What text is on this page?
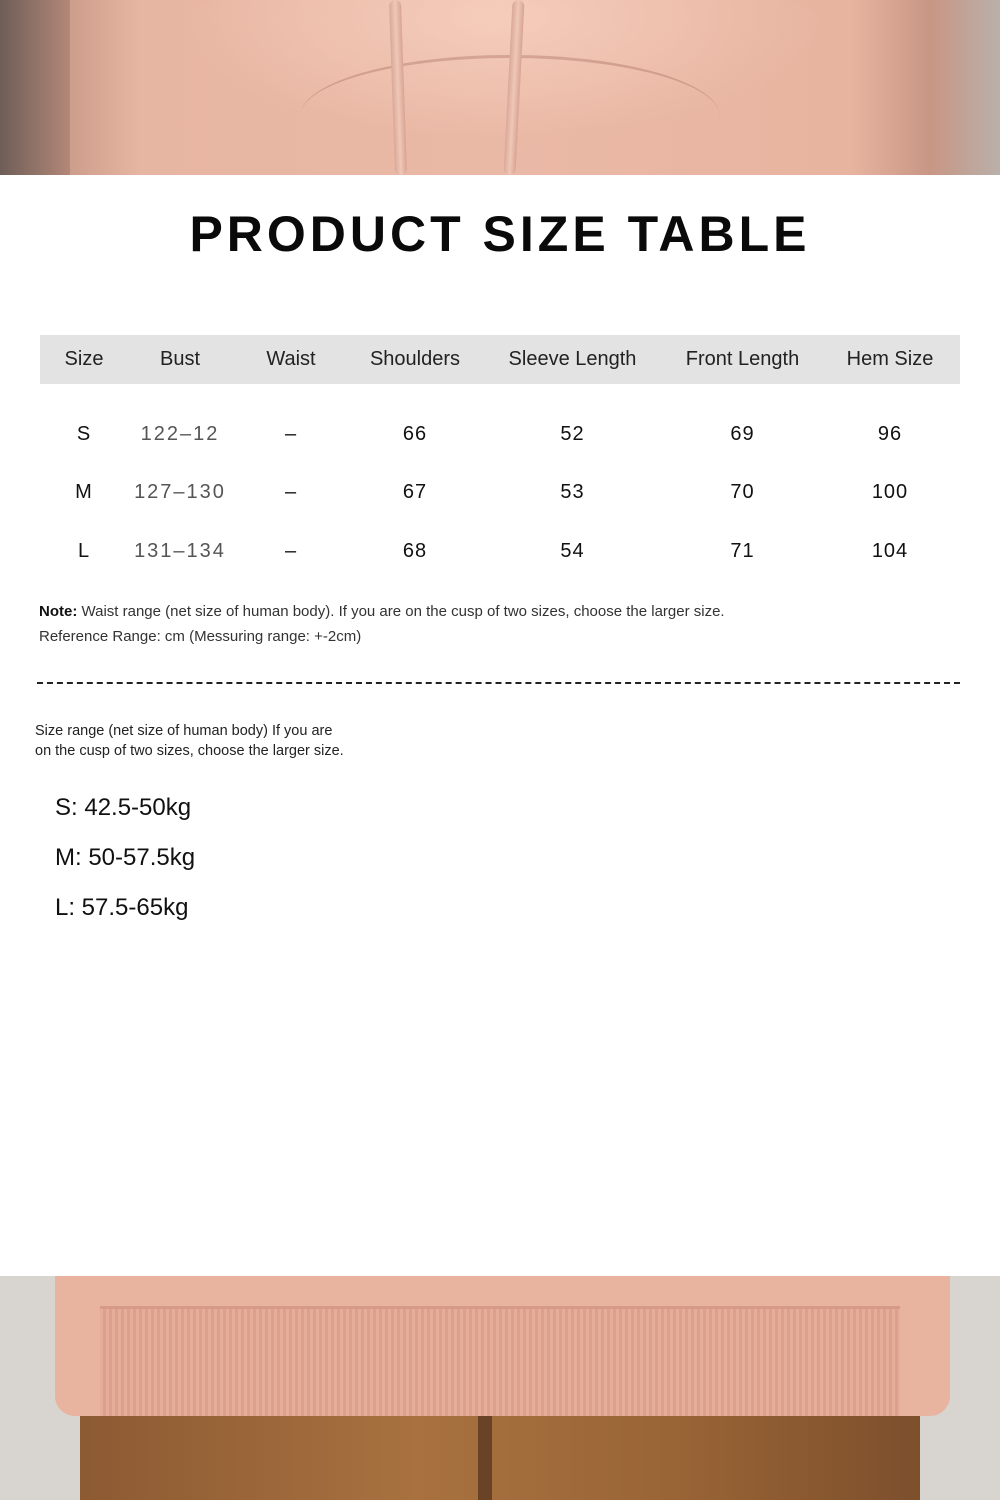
PRODUCT SIZE TABLE
Size	Bust	Waist	Shoulders	Sleeve Length	Front Length	Hem Size
S	122–12	–	66	52	69	96
M	127–130	–	67	53	70	100
L	131–134	–	68	54	71	104
Note: Waist range (net size of human body). If you are on the cusp of two sizes, choose the larger size.
Reference Range: cm (Messuring range: +-2cm)
Size range (net size of human body) If you are
on the cusp of two sizes, choose the larger size.
S: 42.5-50kg
M: 50-57.5kg
L: 57.5-65kg
